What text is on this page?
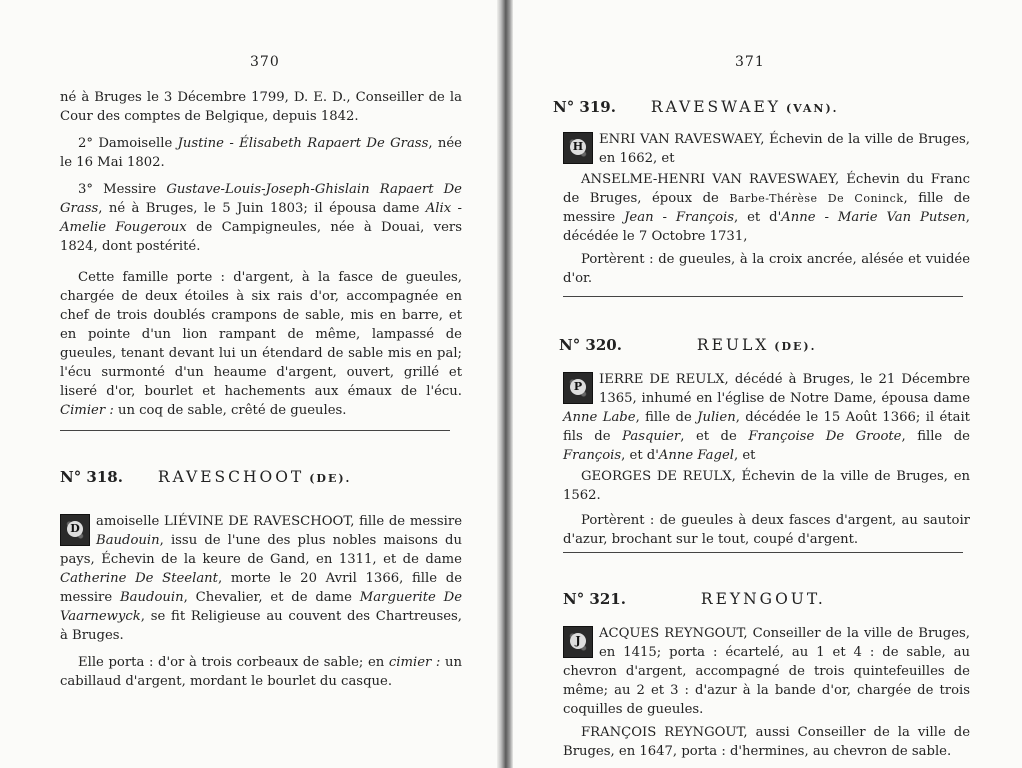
370

né à Bruges le 3 Décembre 1799, D. E. D., Conseiller de la Cour des comptes de Belgique, depuis 1842.

2° Damoiselle Justine - Élisabeth Rapaert De Grass, née le 16 Mai 1802.

3° Messire Gustave-Louis-Joseph-Ghislain Rapaert De Grass, né à Bruges, le 5 Juin 1803; il épousa dame Alix - Amelie Fougeroux de Campigneules, née à Douai, vers 1824, dont postérité.

Cette famille porte : d'argent, à la fasce de gueules, chargée de deux étoiles à six rais d'or, accompagnée en chef de trois doublés crampons de sable, mis en barre, et en pointe d'un lion rampant de même, lampassé de gueules, tenant devant lui un étendard de sable mis en pal; l'écu surmonté d'un heaume d'argent, ouvert, grillé et liseré d'or, bourlet et hachements aux émaux de l'écu. Cimier : un coq de sable, crêté de gueules.

N° 318. RAVESCHOOT (DE).

D amoiselle LIÉVINE DE RAVESCHOOT, fille de messire Baudouin, issu de l'une des plus nobles maisons du pays, Échevin de la keure de Gand, en 1311, et de dame Catherine De Steelant, morte le 20 Avril 1366, fille de messire Baudouin, Chevalier, et de dame Marguerite De Vaarnewyck, se fit Religieuse au couvent des Chartreuses, à Bruges.

Elle porta : d'or à trois corbeaux de sable; en cimier : un cabillaud d'argent, mordant le bourlet du casque.

371
N° 319. RAVESWAEY (VAN).

H ENRI VAN RAVESWAEY, Échevin de la ville de Bruges, en 1662, et

ANSELME-HENRI VAN RAVESWAEY, Échevin du Franc de Bruges, époux de Barbe-Thérèse De Coninck, fille de messire Jean - François, et d'Anne - Marie Van Putsen, décédée le 7 Octobre 1731,

Portèrent : de gueules, à la croix ancrée, alésée et vuidée d'or.

N° 320.	REULX (DE).

P IERRE DE REULX, décédé à Bruges, le 21 Décembre 1365, inhumé en l'église de Notre Dame, épousa dame Anne Labe, fille de Julien, décédée le 15 Août 1366; il était fils de Pasquier, et de Françoise De Groote, fille de François, et d'Anne Fagel, et

GEORGES DE REULX, Échevin de la ville de Bruges, en 1562.

Portèrent : de gueules à deux fasces d'argent, au sautoir d'azur, brochant sur le tout, coupé d'argent.

N° 321.	REYNGOUT.

J	ACQUES REYNGOUT, Conseiller de la ville de Bruges, en 1415; porta : écartelé, au 1 et 4 : de sable, au chevron d'argent, accompagné de trois quintefeuilles de même; au 2 et 3 : d'azur à la bande d'or, chargée de trois coquilles de gueules.

FRANÇOIS REYNGOUT, aussi Conseiller de la ville de Bruges, en 1647, porta : d'hermines, au chevron de sable.
